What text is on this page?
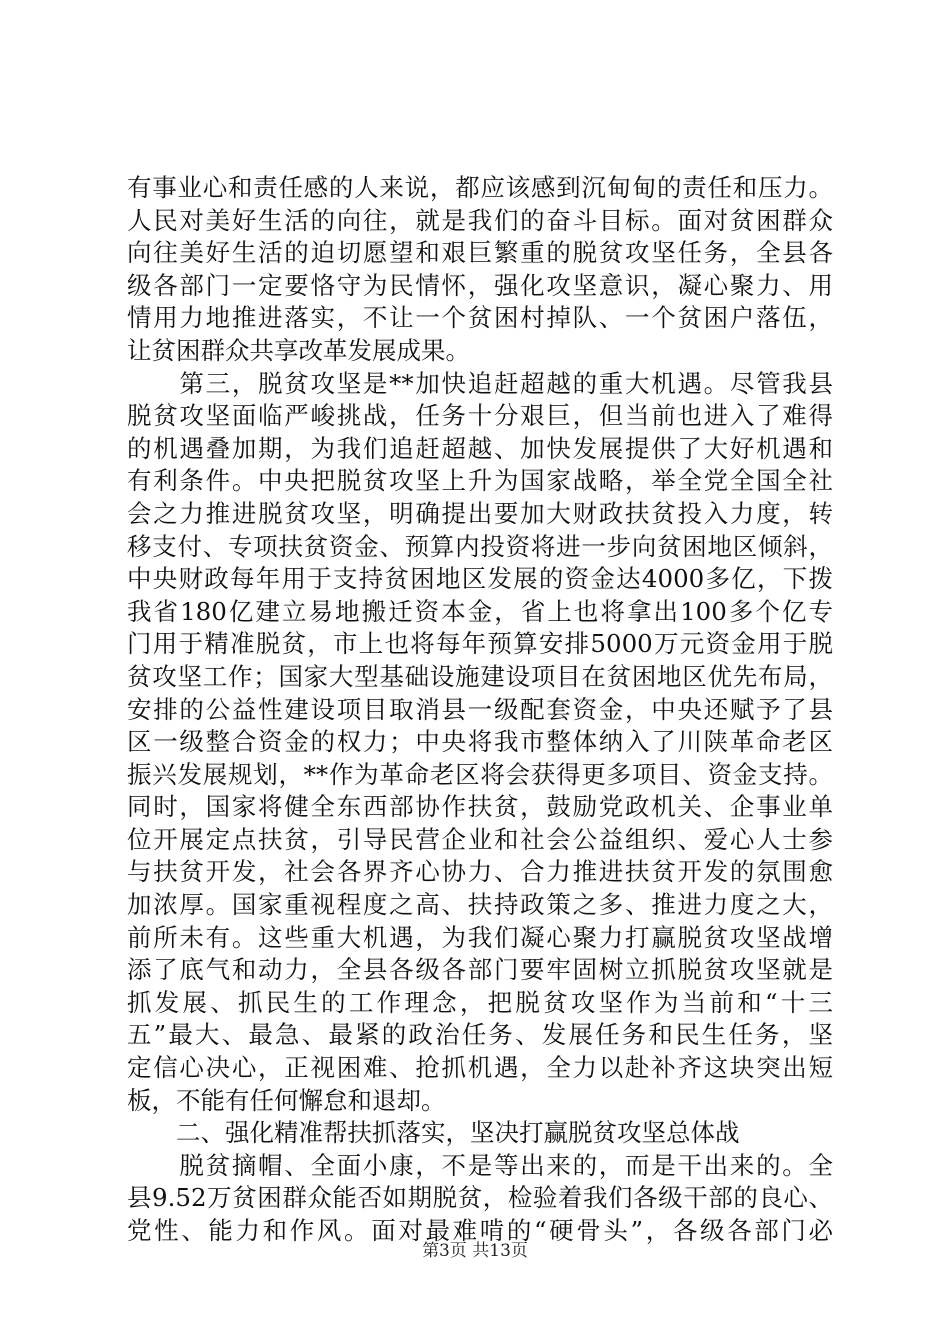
有事业心和责任感的人来说，都应该感到沉甸甸的责任和压力。
人民对美好生活的向往，就是我们的奋斗目标。面对贫困群众
向往美好生活的迫切愿望和艰巨繁重的脱贫攻坚任务，全县各
级各部门一定要恪守为民情怀，强化攻坚意识，凝心聚力、用
情用力地推进落实，不让一个贫困村掉队、一个贫困户落伍，
让贫困群众共享改革发展成果。
　　第三，脱贫攻坚是**加快追赶超越的重大机遇。尽管我县
脱贫攻坚面临严峻挑战，任务十分艰巨，但当前也进入了难得
的机遇叠加期，为我们追赶超越、加快发展提供了大好机遇和
有利条件。中央把脱贫攻坚上升为国家战略，举全党全国全社
会之力推进脱贫攻坚，明确提出要加大财政扶贫投入力度，转
移支付、专项扶贫资金、预算内投资将进一步向贫困地区倾斜，
中央财政每年用于支持贫困地区发展的资金达4000多亿，下拨
我省180亿建立易地搬迁资本金，省上也将拿出100多个亿专
门用于精准脱贫，市上也将每年预算安排5000万元资金用于脱
贫攻坚工作；国家大型基础设施建设项目在贫困地区优先布局，
安排的公益性建设项目取消县一级配套资金，中央还赋予了县
区一级整合资金的权力；中央将我市整体纳入了川陕革命老区
振兴发展规划，**作为革命老区将会获得更多项目、资金支持。
同时，国家将健全东西部协作扶贫，鼓励党政机关、企事业单
位开展定点扶贫，引导民营企业和社会公益组织、爱心人士参
与扶贫开发，社会各界齐心协力、合力推进扶贫开发的氛围愈
加浓厚。国家重视程度之高、扶持政策之多、推进力度之大，
前所未有。这些重大机遇，为我们凝心聚力打赢脱贫攻坚战增
添了底气和动力，全县各级各部门要牢固树立抓脱贫攻坚就是
抓发展、抓民生的工作理念，把脱贫攻坚作为当前和“十三
五”最大、最急、最紧的政治任务、发展任务和民生任务，坚
定信心决心，正视困难、抢抓机遇，全力以赴补齐这块突出短
板，不能有任何懈怠和退却。
　　二、强化精准帮扶抓落实，坚决打赢脱贫攻坚总体战
　　脱贫摘帽、全面小康，不是等出来的，而是干出来的。全
县9.52万贫困群众能否如期脱贫，检验着我们各级干部的良心、
党性、能力和作风。面对最难啃的“硬骨头”，各级各部门必
第3页 共13页
